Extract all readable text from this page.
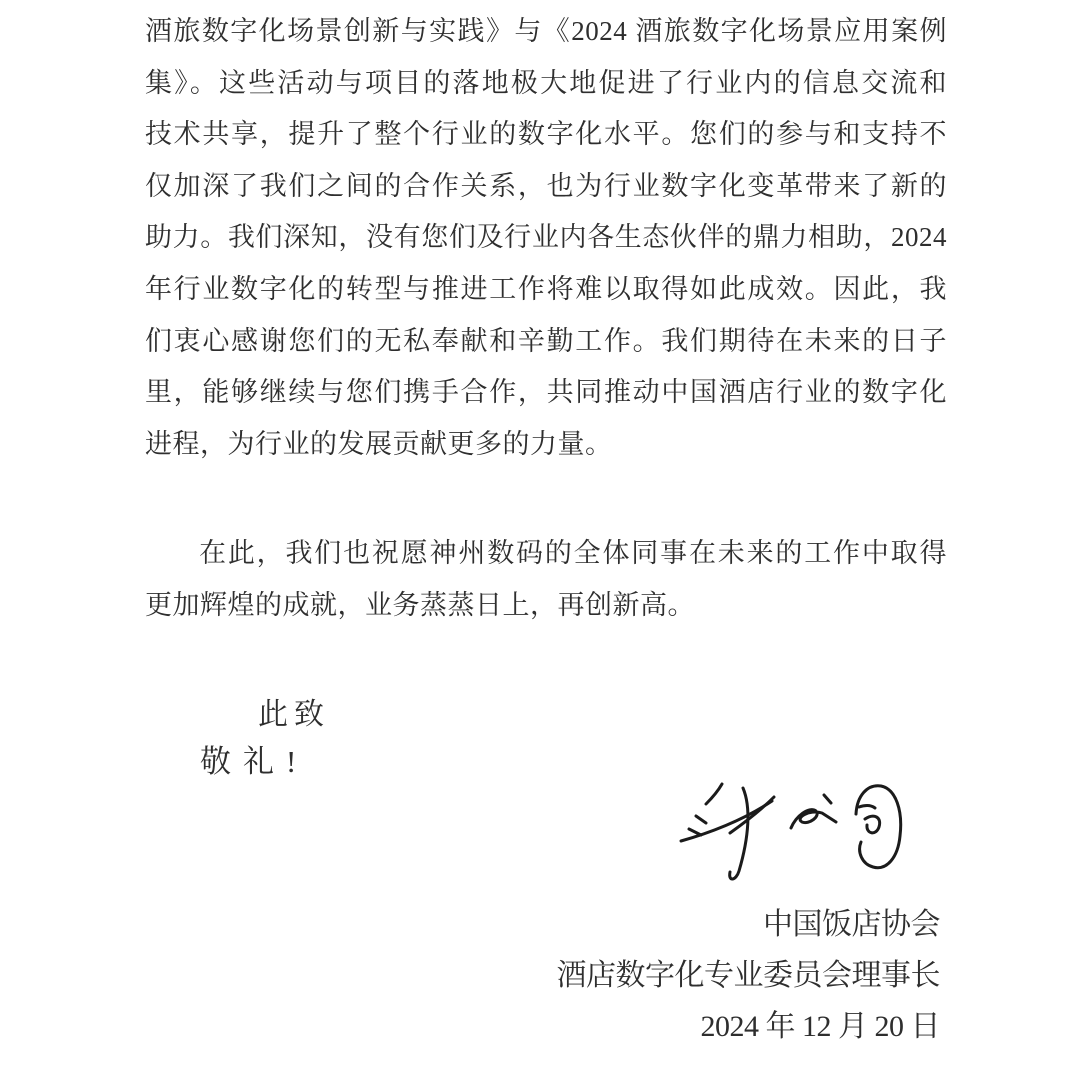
酒旅数字化场景创新与实践》与《2024 酒旅数字化场景应用案例
集》。这些活动与项目的落地极大地促进了行业内的信息交流和
技术共享，提升了整个行业的数字化水平。您们的参与和支持不
仅加深了我们之间的合作关系，也为行业数字化变革带来了新的
助力。我们深知，没有您们及行业内各生态伙伴的鼎力相助，2024
年行业数字化的转型与推进工作将难以取得如此成效。因此，我
们衷心感谢您们的无私奉献和辛勤工作。我们期待在未来的日子
里，能够继续与您们携手合作，共同推动中国酒店行业的数字化
进程，为行业的发展贡献更多的力量。
在此，我们也祝愿神州数码的全体同事在未来的工作中取得
更加辉煌的成就，业务蒸蒸日上，再创新高。
此致
敬礼!
中国饭店协会
酒店数字化专业委员会理事长
2024 年 12 月 20 日
